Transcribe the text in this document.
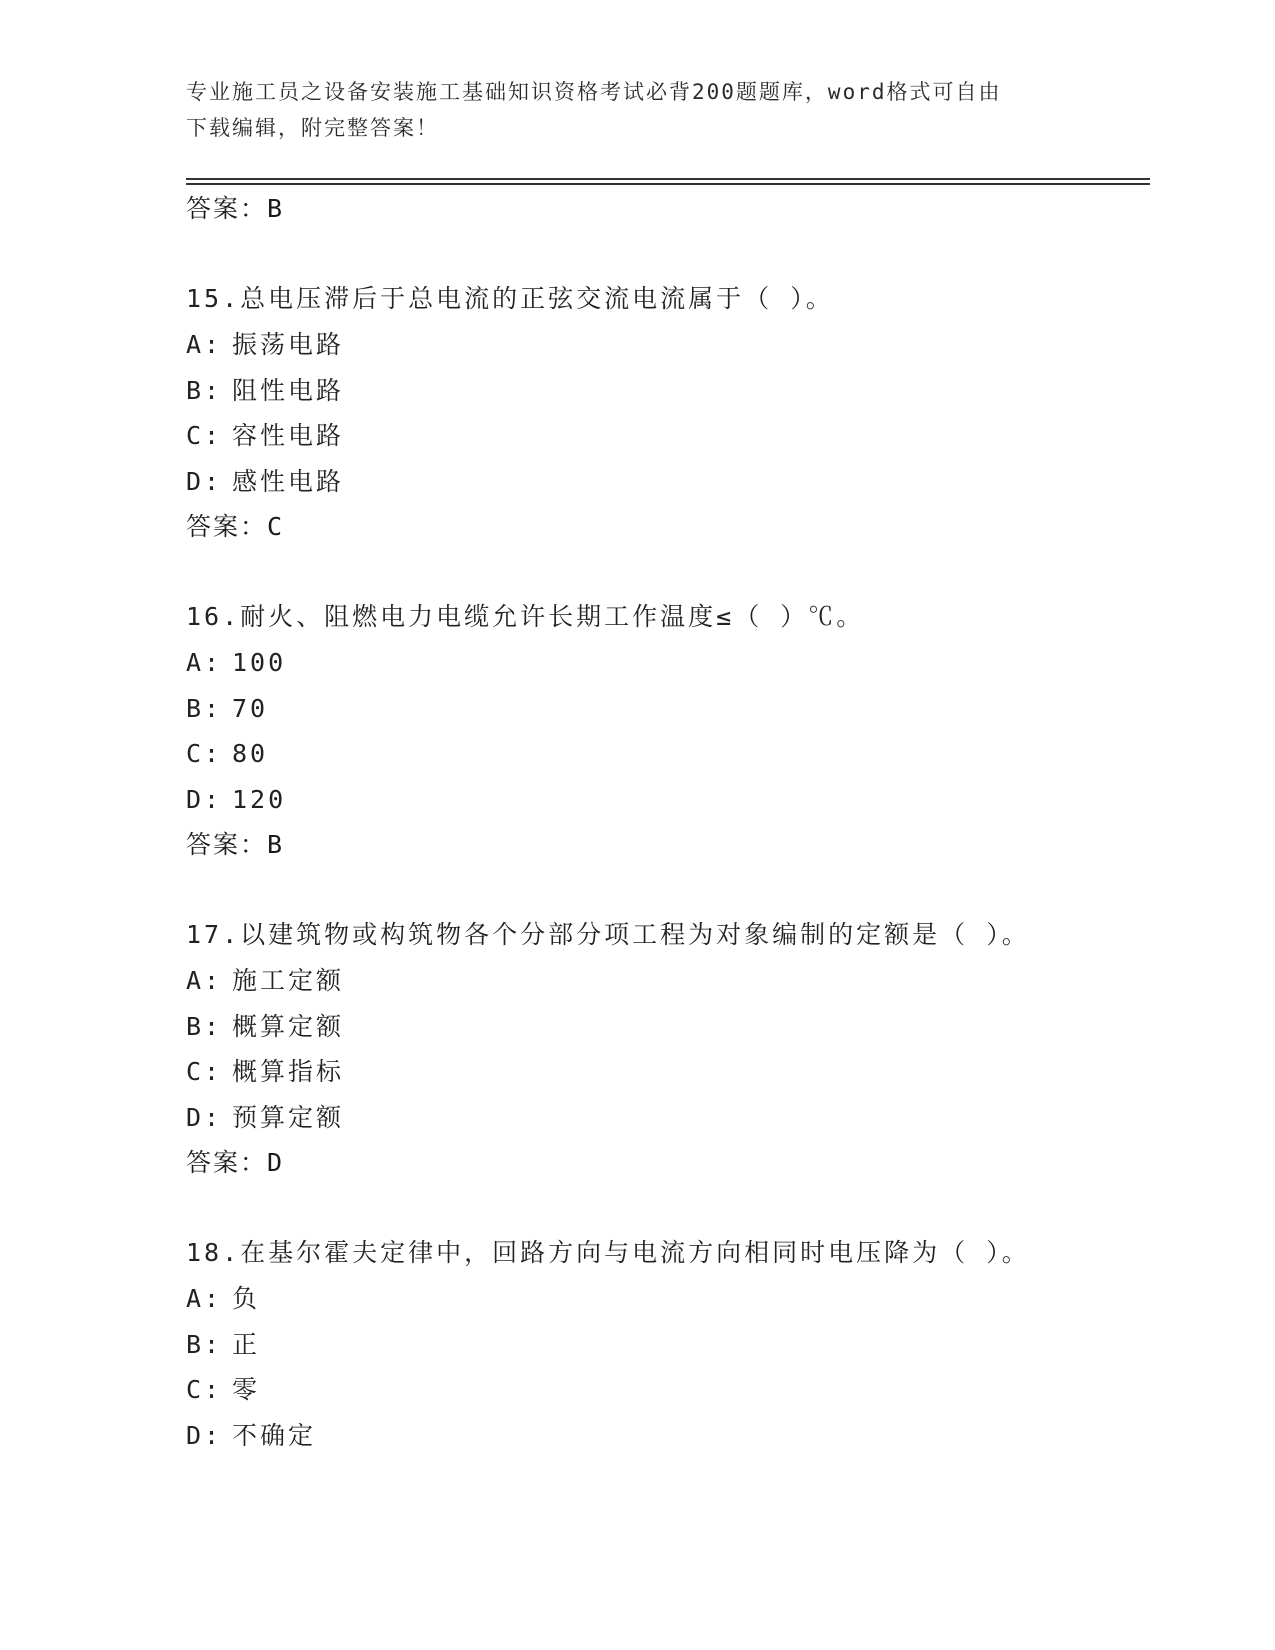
专业施工员之设备安装施工基础知识资格考试必背200题题库，word格式可自由
下载编辑，附完整答案！
答案：B
15.总电压滞后于总电流的正弦交流电流属于（ ）。
A: 振荡电路
B: 阻性电路
C: 容性电路
D: 感性电路
答案：C
16.耐火、阻燃电力电缆允许长期工作温度≤（ ）℃。
A: 100
B: 70
C: 80
D: 120
答案：B
17.以建筑物或构筑物各个分部分项工程为对象编制的定额是（ ）。
A: 施工定额
B: 概算定额
C: 概算指标
D: 预算定额
答案：D
18.在基尔霍夫定律中，回路方向与电流方向相同时电压降为（ ）。
A: 负
B: 正
C: 零
D: 不确定
